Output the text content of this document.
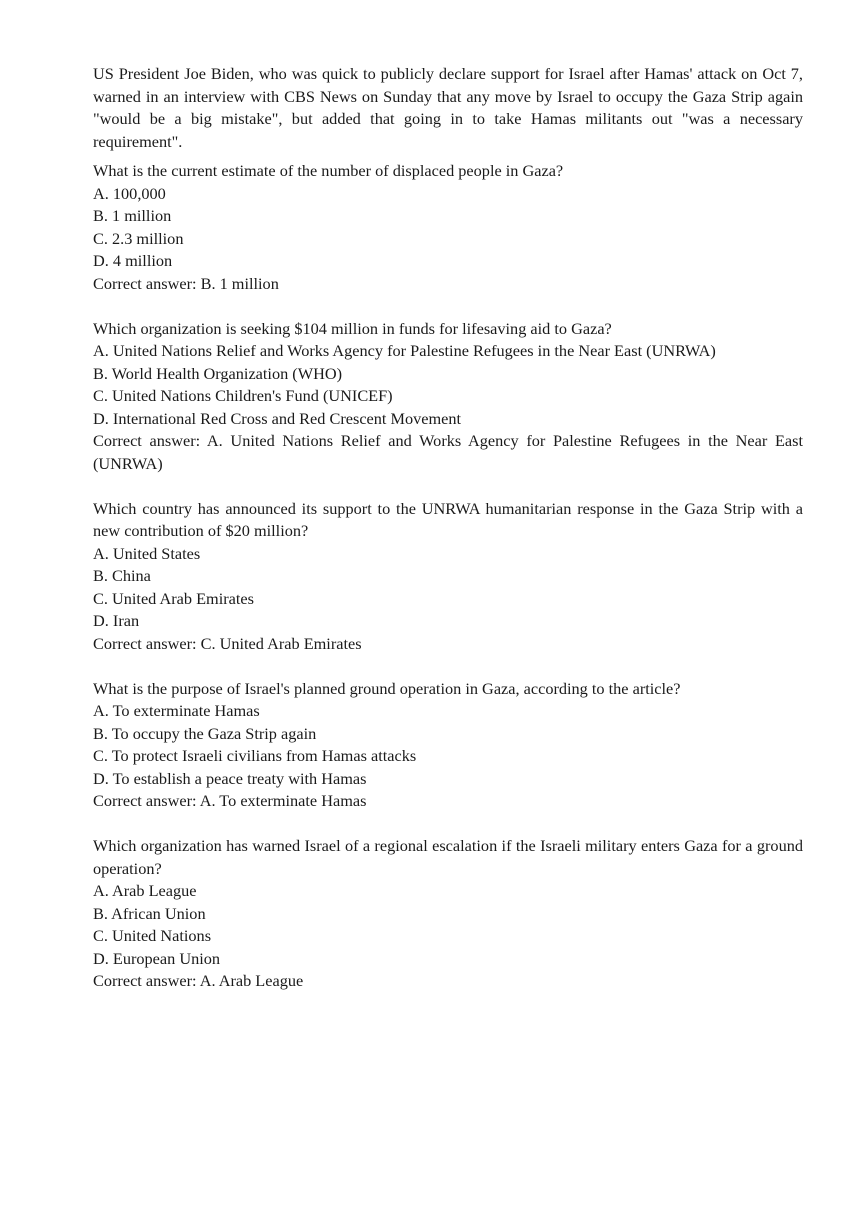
US President Joe Biden, who was quick to publicly declare support for Israel after Hamas' attack on Oct 7, warned in an interview with CBS News on Sunday that any move by Israel to occupy the Gaza Strip again "would be a big mistake", but added that going in to take Hamas militants out "was a necessary requirement".

What is the current estimate of the number of displaced people in Gaza?

A. 100,000

B. 1 million

C. 2.3 million

D. 4 million

Correct answer: B. 1 million

Which organization is seeking $104 million in funds for lifesaving aid to Gaza?

A. United Nations Relief and Works Agency for Palestine Refugees in the Near East (UNRWA)

B. World Health Organization (WHO)

C. United Nations Children's Fund (UNICEF)

D. International Red Cross and Red Crescent Movement

Correct answer: A. United Nations Relief and Works Agency for Palestine Refugees in the Near East (UNRWA)

Which country has announced its support to the UNRWA humanitarian response in the Gaza Strip with a new contribution of $20 million?

A. United States

B. China

C. United Arab Emirates

D. Iran

Correct answer: C. United Arab Emirates

What is the purpose of Israel's planned ground operation in Gaza, according to the article?

A. To exterminate Hamas

B. To occupy the Gaza Strip again

C. To protect Israeli civilians from Hamas attacks

D. To establish a peace treaty with Hamas

Correct answer: A. To exterminate Hamas

Which organization has warned Israel of a regional escalation if the Israeli military enters Gaza for a ground operation?

A. Arab League

B. African Union

C. United Nations

D. European Union

Correct answer: A. Arab League
